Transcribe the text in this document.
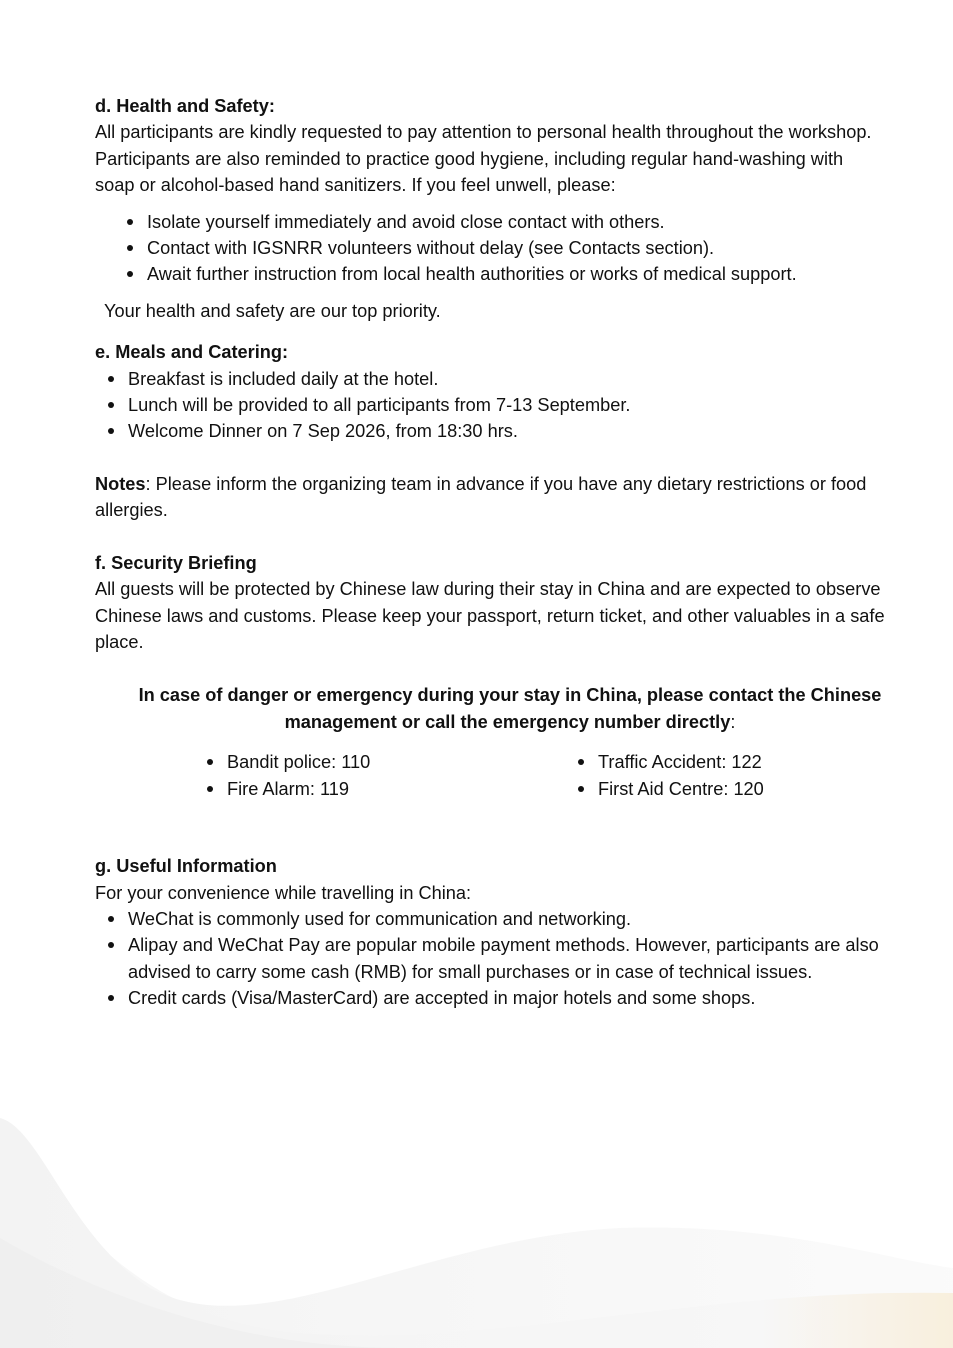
d. Health and Safety:

All participants are kindly requested to pay attention to personal health throughout the workshop. Participants are also reminded to practice good hygiene, including regular hand-washing with soap or alcohol-based hand sanitizers. If you feel unwell, please:

Isolate yourself immediately and avoid close contact with others.
Contact with IGSNRR volunteers without delay (see Contacts section).
Await further instruction from local health authorities or works of medical support.

Your health and safety are our top priority.

e. Meals and Catering:

Breakfast is included daily at the hotel.
Lunch will be provided to all participants from 7-13 September.
Welcome Dinner on 7 Sep 2026, from 18:30 hrs.

Notes: Please inform the organizing team in advance if you have any dietary restrictions or food allergies.

f. Security Briefing

All guests will be protected by Chinese law during their stay in China and are expected to observe Chinese laws and customs. Please keep your passport, return ticket, and other valuables in a safe place.

In case of danger or emergency during your stay in China, please contact the Chinese management or call the emergency number directly:

Bandit police: 110
Fire Alarm: 119
Traffic Accident: 122
First Aid Centre: 120

g. Useful Information

For your convenience while travelling in China:

WeChat is commonly used for communication and networking.
Alipay and WeChat Pay are popular mobile payment methods. However, participants are also advised to carry some cash (RMB) for small purchases or in case of technical issues.
Credit cards (Visa/MasterCard) are accepted in major hotels and some shops.
